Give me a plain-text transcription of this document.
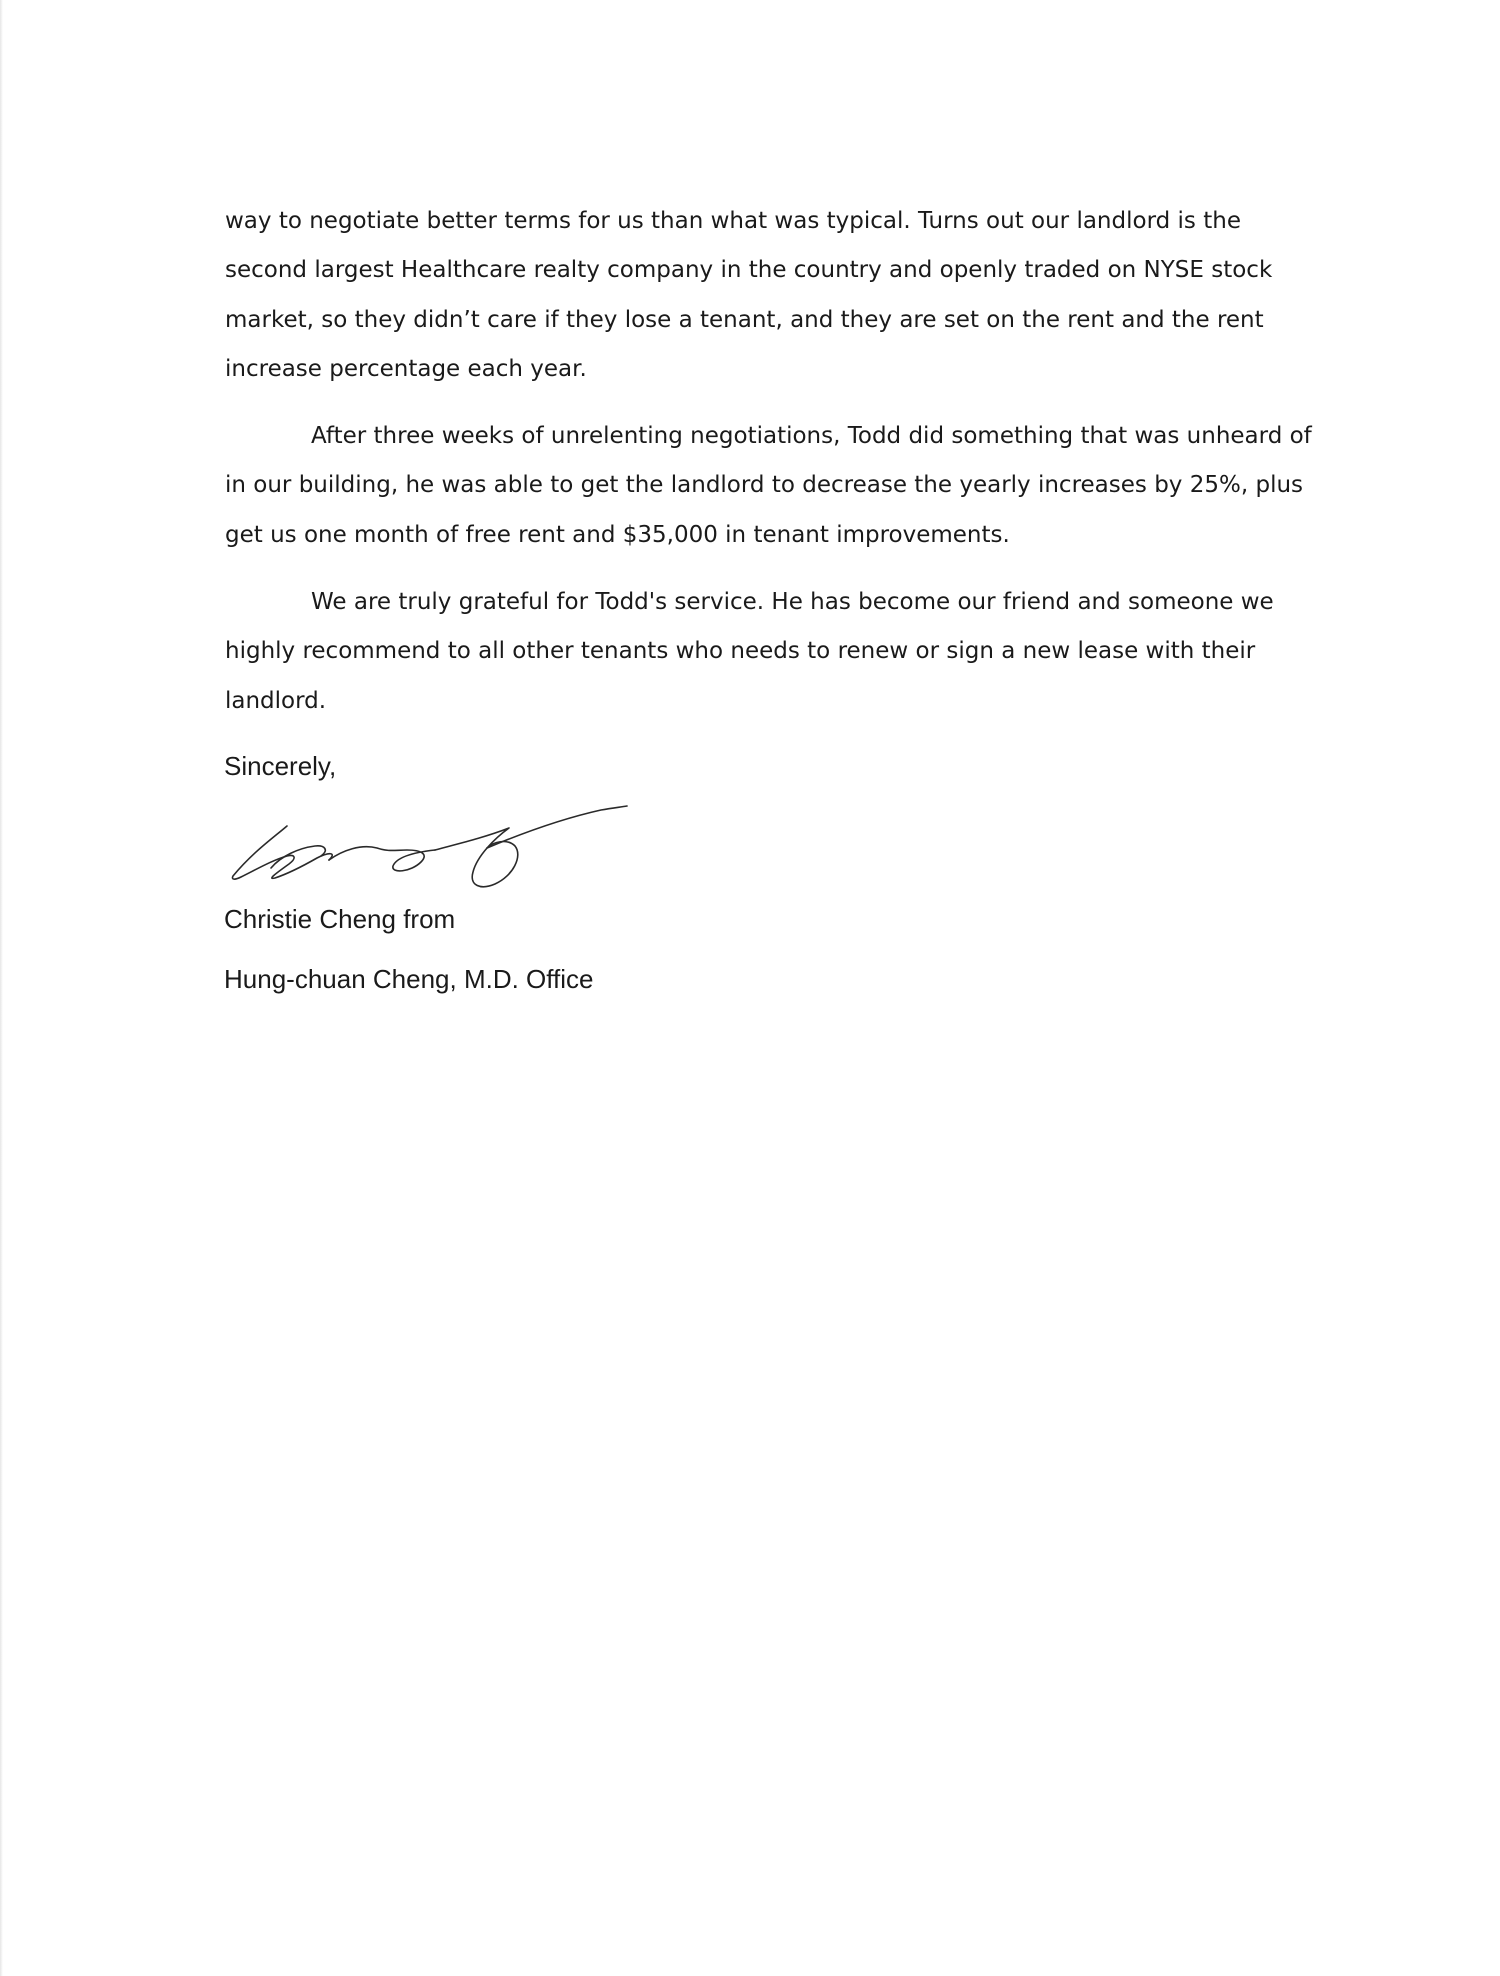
way to negotiate better terms for us than what was typical. Turns out our landlord is the
second largest Healthcare realty company in the country and openly traded on NYSE stock
market, so they didn’t care if they lose a tenant, and they are set on the rent and the rent
increase percentage each year.
After three weeks of unrelenting negotiations, Todd did something that was unheard of
in our building, he was able to get the landlord to decrease the yearly increases by 25%, plus
get us one month of free rent and $35,000 in tenant improvements.
We are truly grateful for Todd's service. He has become our friend and someone we
highly recommend to all other tenants who needs to renew or sign a new lease with their
landlord.
Sincerely,
Christie Cheng from
Hung-chuan Cheng, M.D. Office
